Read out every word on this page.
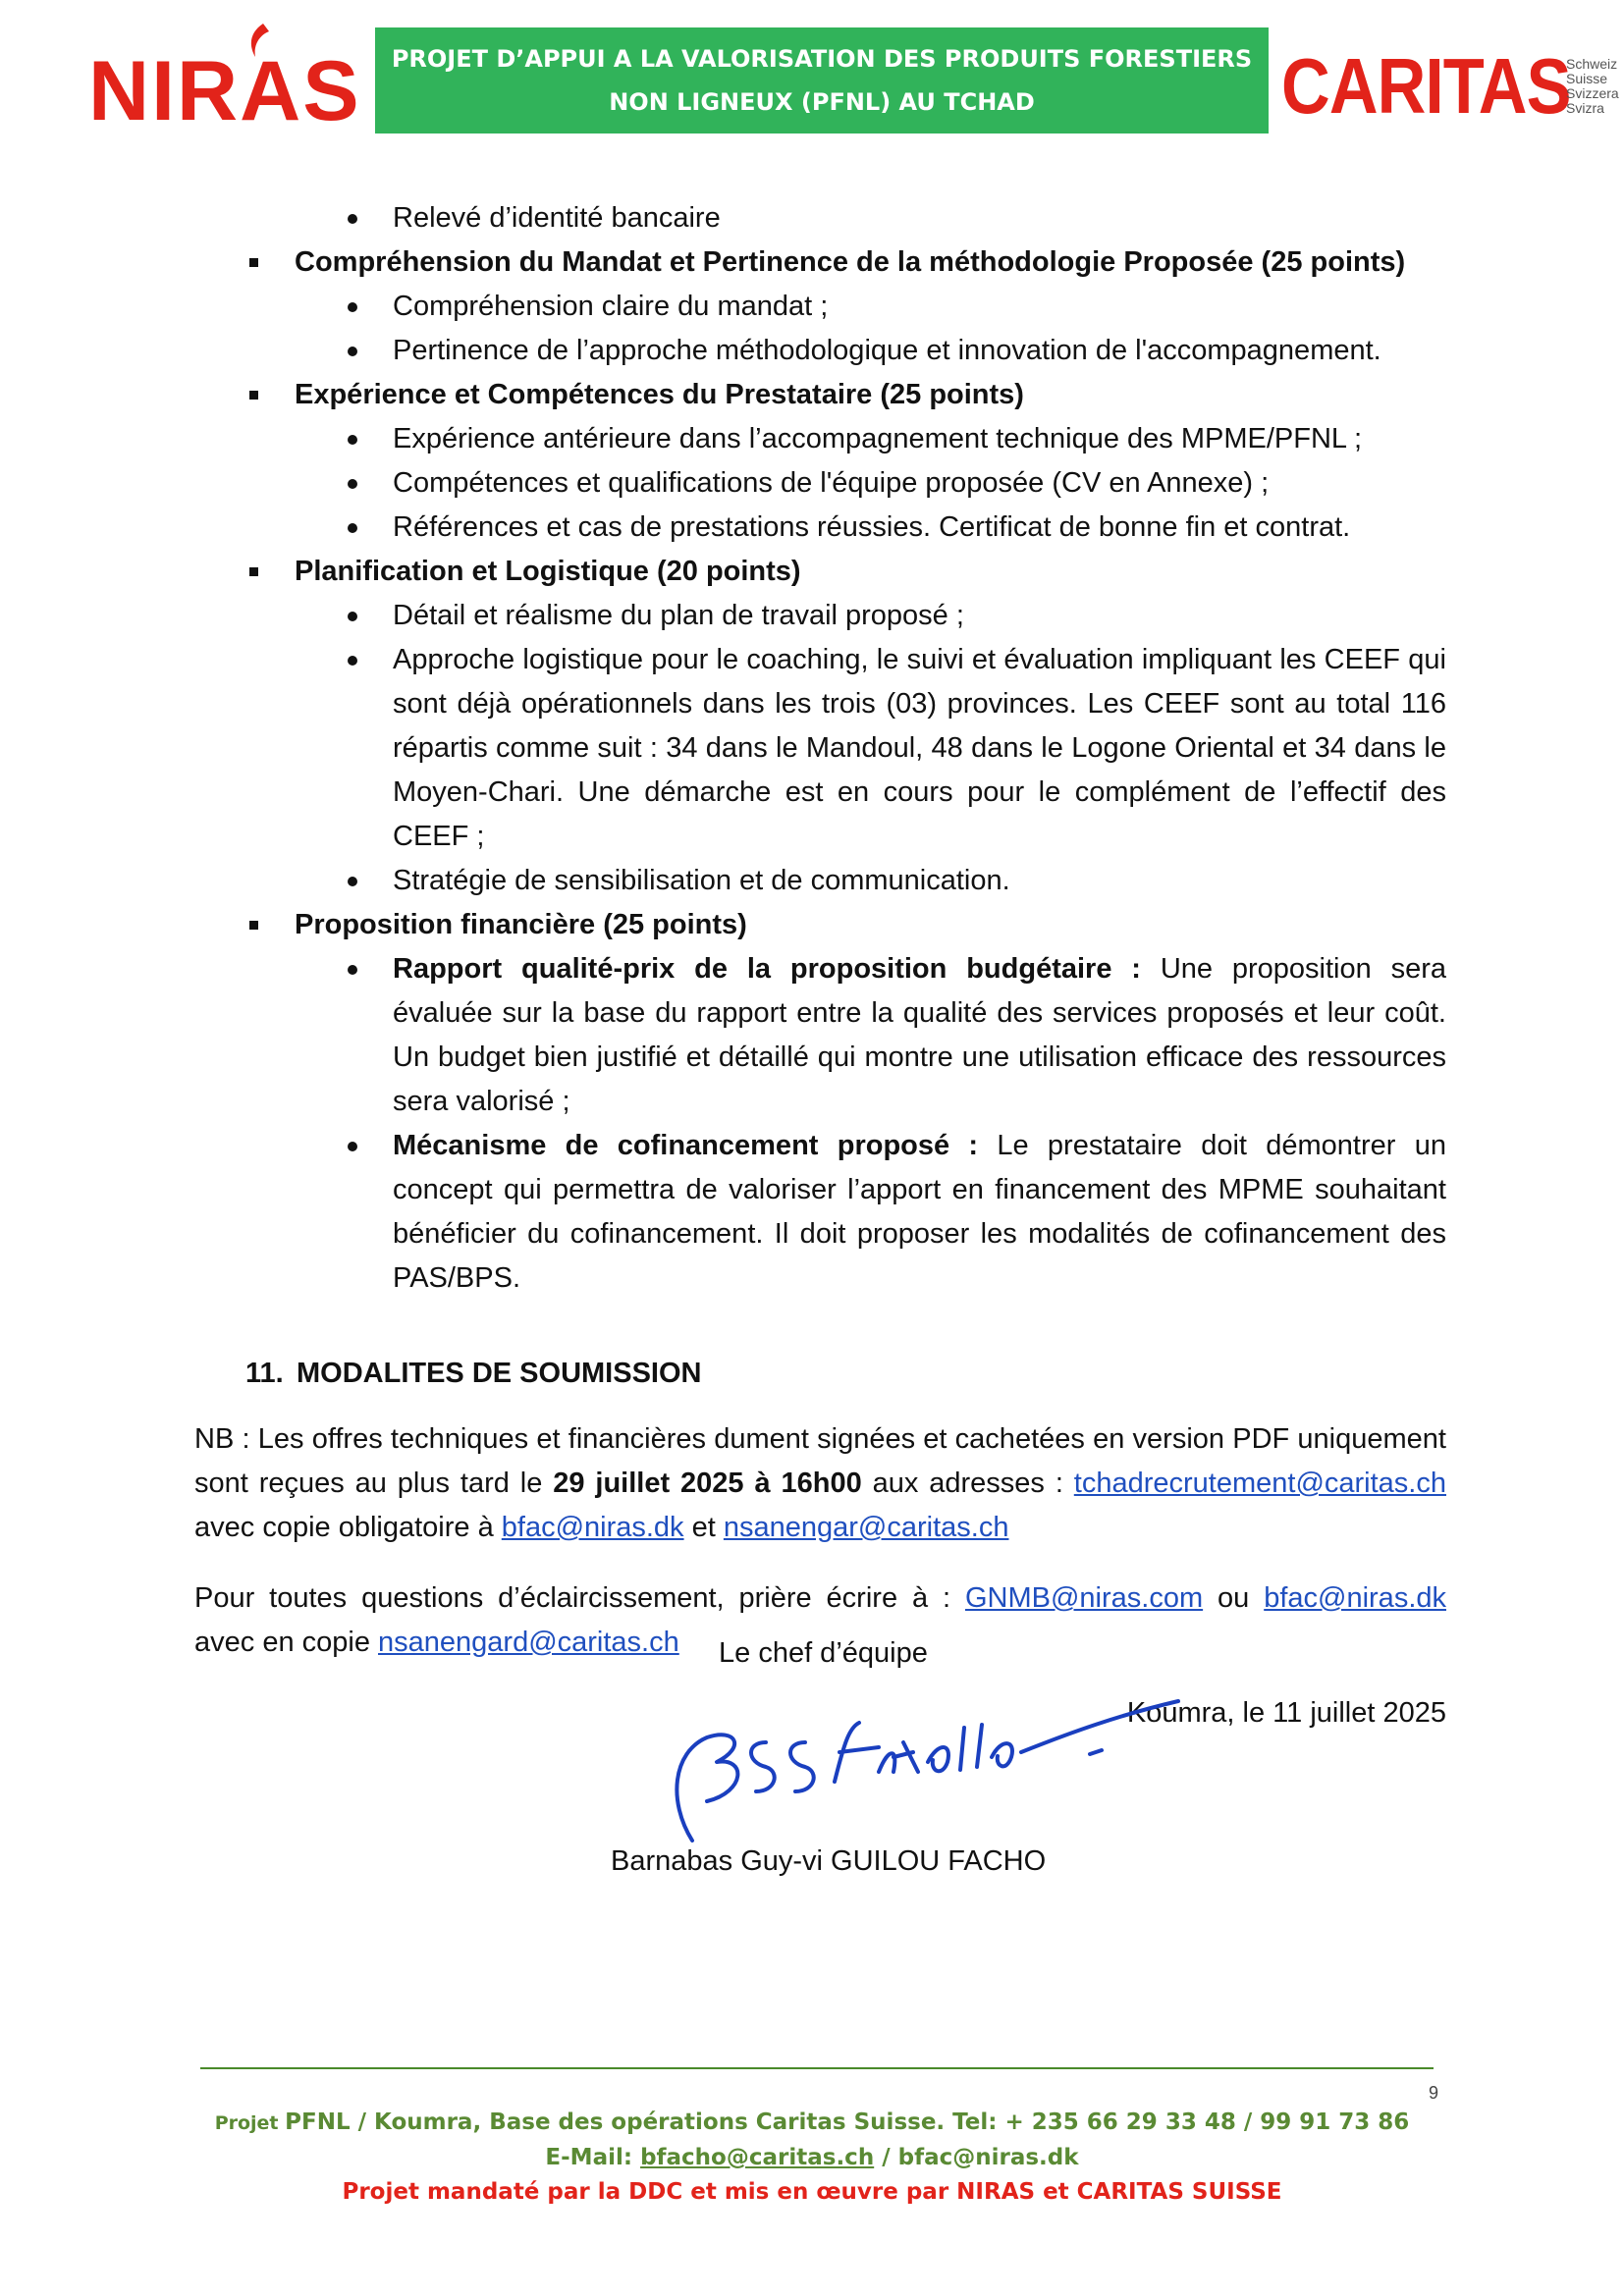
NIRAS	PROJET D’APPUI A LA VALORISATION DES PRODUITS FORESTIERS
NON LIGNEUX (PFNL) AU TCHAD	CARITAS
Schweiz
Suisse
Svizzera
Svizra
Relevé d’identité bancaire
Compréhension du Mandat et Pertinence de la méthodologie Proposée (25 points)
Compréhension claire du mandat ;
Pertinence de l’approche méthodologique et innovation de l'accompagnement.
Expérience et Compétences du Prestataire (25 points)
Expérience antérieure dans l’accompagnement technique des MPME/PFNL ;
Compétences et qualifications de l'équipe proposée (CV en Annexe) ;
Références et cas de prestations réussies. Certificat de bonne fin et contrat.
Planification et Logistique (20 points)
Détail et réalisme du plan de travail proposé ;
Approche logistique pour le coaching, le suivi et évaluation impliquant les CEEF qui sont déjà opérationnels dans les trois (03) provinces. Les CEEF sont au total 116 répartis comme suit : 34 dans le Mandoul, 48 dans le Logone Oriental et 34 dans le Moyen-Chari. Une démarche est en cours pour le complément de l’effectif des CEEF ;
Stratégie de sensibilisation et de communication.
Proposition financière (25 points)
Rapport qualité-prix de la proposition budgétaire : Une proposition sera évaluée sur la base du rapport entre la qualité des services proposés et leur coût. Un budget bien justifié et détaillé qui montre une utilisation efficace des ressources sera valorisé ;
Mécanisme de cofinancement proposé : Le prestataire doit démontrer un concept qui permettra de valoriser l’apport en financement des MPME souhaitant bénéficier du cofinancement. Il doit proposer les modalités de cofinancement des PAS/BPS.
11. MODALITES DE SOUMISSION
NB : Les offres techniques et financières dument signées et cachetées en version PDF uniquement sont reçues au plus tard le 29 juillet 2025 à 16h00 aux adresses : tchadrecrutement@caritas.ch avec copie obligatoire à bfac@niras.dk et nsanengar@caritas.ch
Pour toutes questions d’éclaircissement, prière écrire à : GNMB@niras.com ou bfac@niras.dk avec en copie nsanengard@caritas.ch
Koumra, le 11 juillet 2025
Le chef d’équipe
Barnabas Guy-vi GUILOU FACHO
9
Projet PFNL / Koumra, Base des opérations Caritas Suisse. Tel: + 235 66 29 33 48 / 99 91 73 86
E-Mail: bfacho@caritas.ch / bfac@niras.dk
Projet mandaté par la DDC et mis en œuvre par NIRAS et CARITAS SUISSE
